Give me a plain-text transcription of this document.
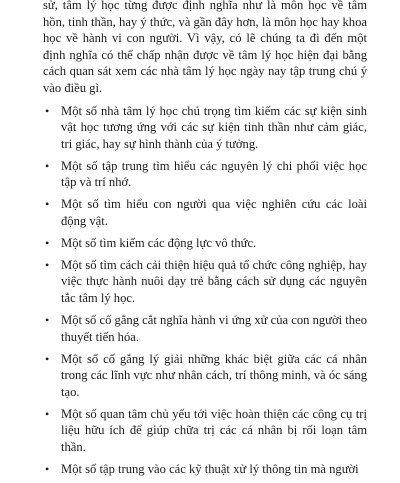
sử, tâm lý học từng được định nghĩa như là môn học về tâm hồn, tinh thần, hay ý thức, và gần đây hơn, là môn học hay khoa học về hành vi con người. Vì vậy, có lẽ chúng ta đi đến một định nghĩa có thể chấp nhận được về tâm lý học hiện đại bằng cách quan sát xem các nhà tâm lý học ngày nay tập trung chú ý vào điều gì.

• Một số nhà tâm lý học chú trọng tìm kiếm các sự kiện sinh vật học tương ứng với các sự kiện tinh thần như cảm giác, tri giác, hay sự hình thành của ý tưởng.
• Một số tập trung tìm hiểu các nguyên lý chi phối việc học tập và trí nhớ.
• Một số tìm hiểu con người qua việc nghiên cứu các loài động vật.
• Một số tìm kiếm các động lực vô thức.
• Một số tìm cách cải thiện hiệu quả tổ chức công nghiệp, hay việc thực hành nuôi dạy trẻ bằng cách sử dụng các nguyên tắc tâm lý học.
• Một số cố gắng cắt nghĩa hành vi ứng xử của con người theo thuyết tiến hóa.
• Một số cố gắng lý giải những khác biệt giữa các cá nhân trong các lĩnh vực như nhân cách, trí thông minh, và óc sáng tạo.
• Một số quan tâm chủ yếu tới việc hoàn thiện các công cụ trị liệu hữu ích để giúp chữa trị các cá nhân bị rối loạn tâm thần.
• Một số tập trung vào các kỹ thuật xử lý thông tin mà người
